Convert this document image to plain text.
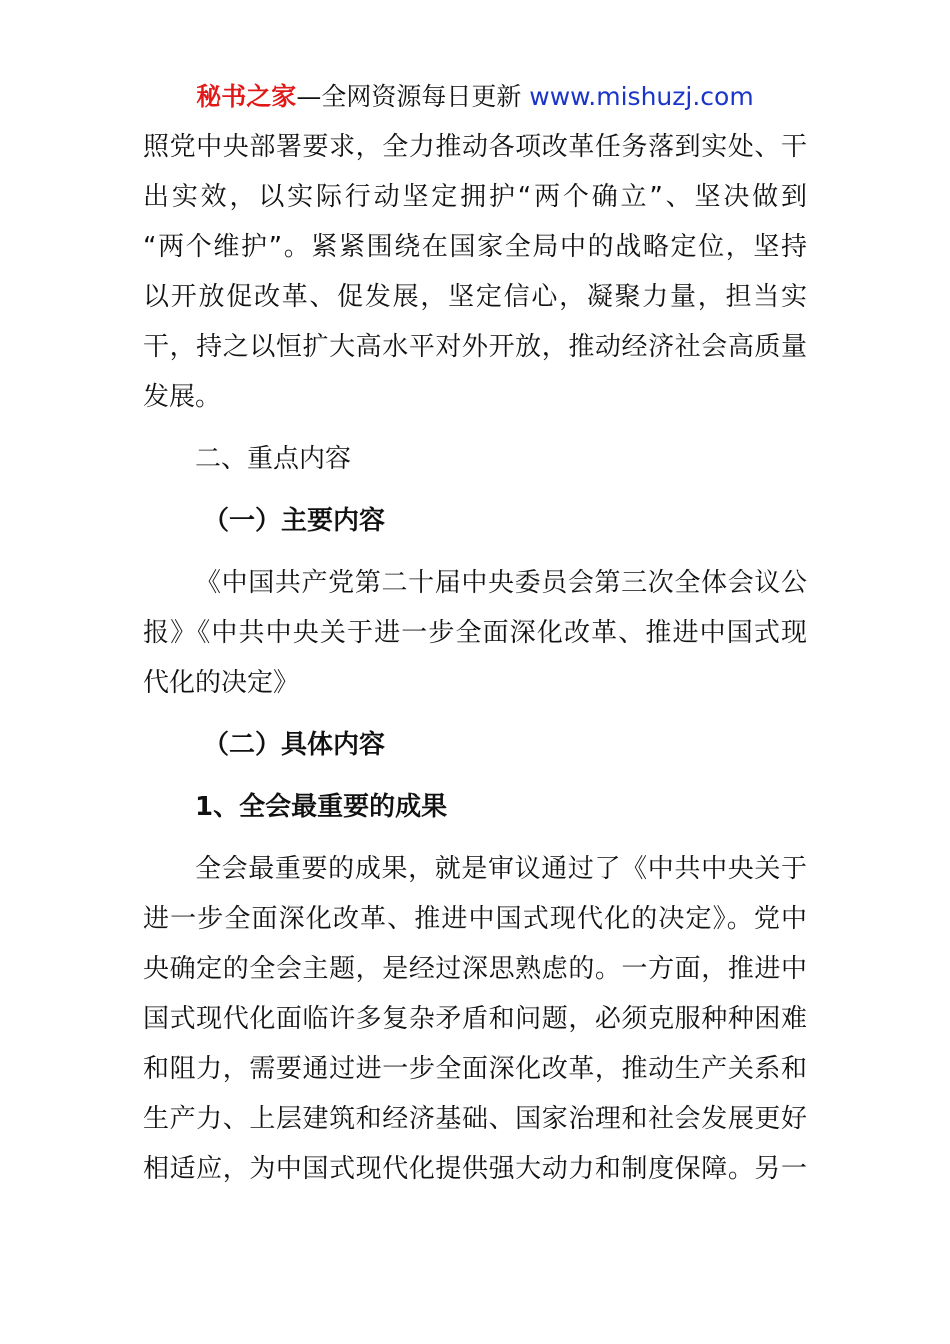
秘书之家—全网资源每日更新 www.mishuzj.com
照党中央部署要求，全力推动各项改革任务落到实处、干
出实效，以实际行动坚定拥护“两个确立”、坚决做到
“两个维护”。紧紧围绕在国家全局中的战略定位，坚持
以开放促改革、促发展，坚定信心，凝聚力量，担当实
干，持之以恒扩大高水平对外开放，推动经济社会高质量
发展。
二、重点内容
（一）主要内容
《中国共产党第二十届中央委员会第三次全体会议公
报》《中共中央关于进一步全面深化改革、推进中国式现
代化的决定》
（二）具体内容
1、全会最重要的成果
全会最重要的成果，就是审议通过了《中共中央关于
进一步全面深化改革、推进中国式现代化的决定》。党中
央确定的全会主题，是经过深思熟虑的。一方面，推进中
国式现代化面临许多复杂矛盾和问题，必须克服种种困难
和阻力，需要通过进一步全面深化改革，推动生产关系和
生产力、上层建筑和经济基础、国家治理和社会发展更好
相适应，为中国式现代化提供强大动力和制度保障。另一
